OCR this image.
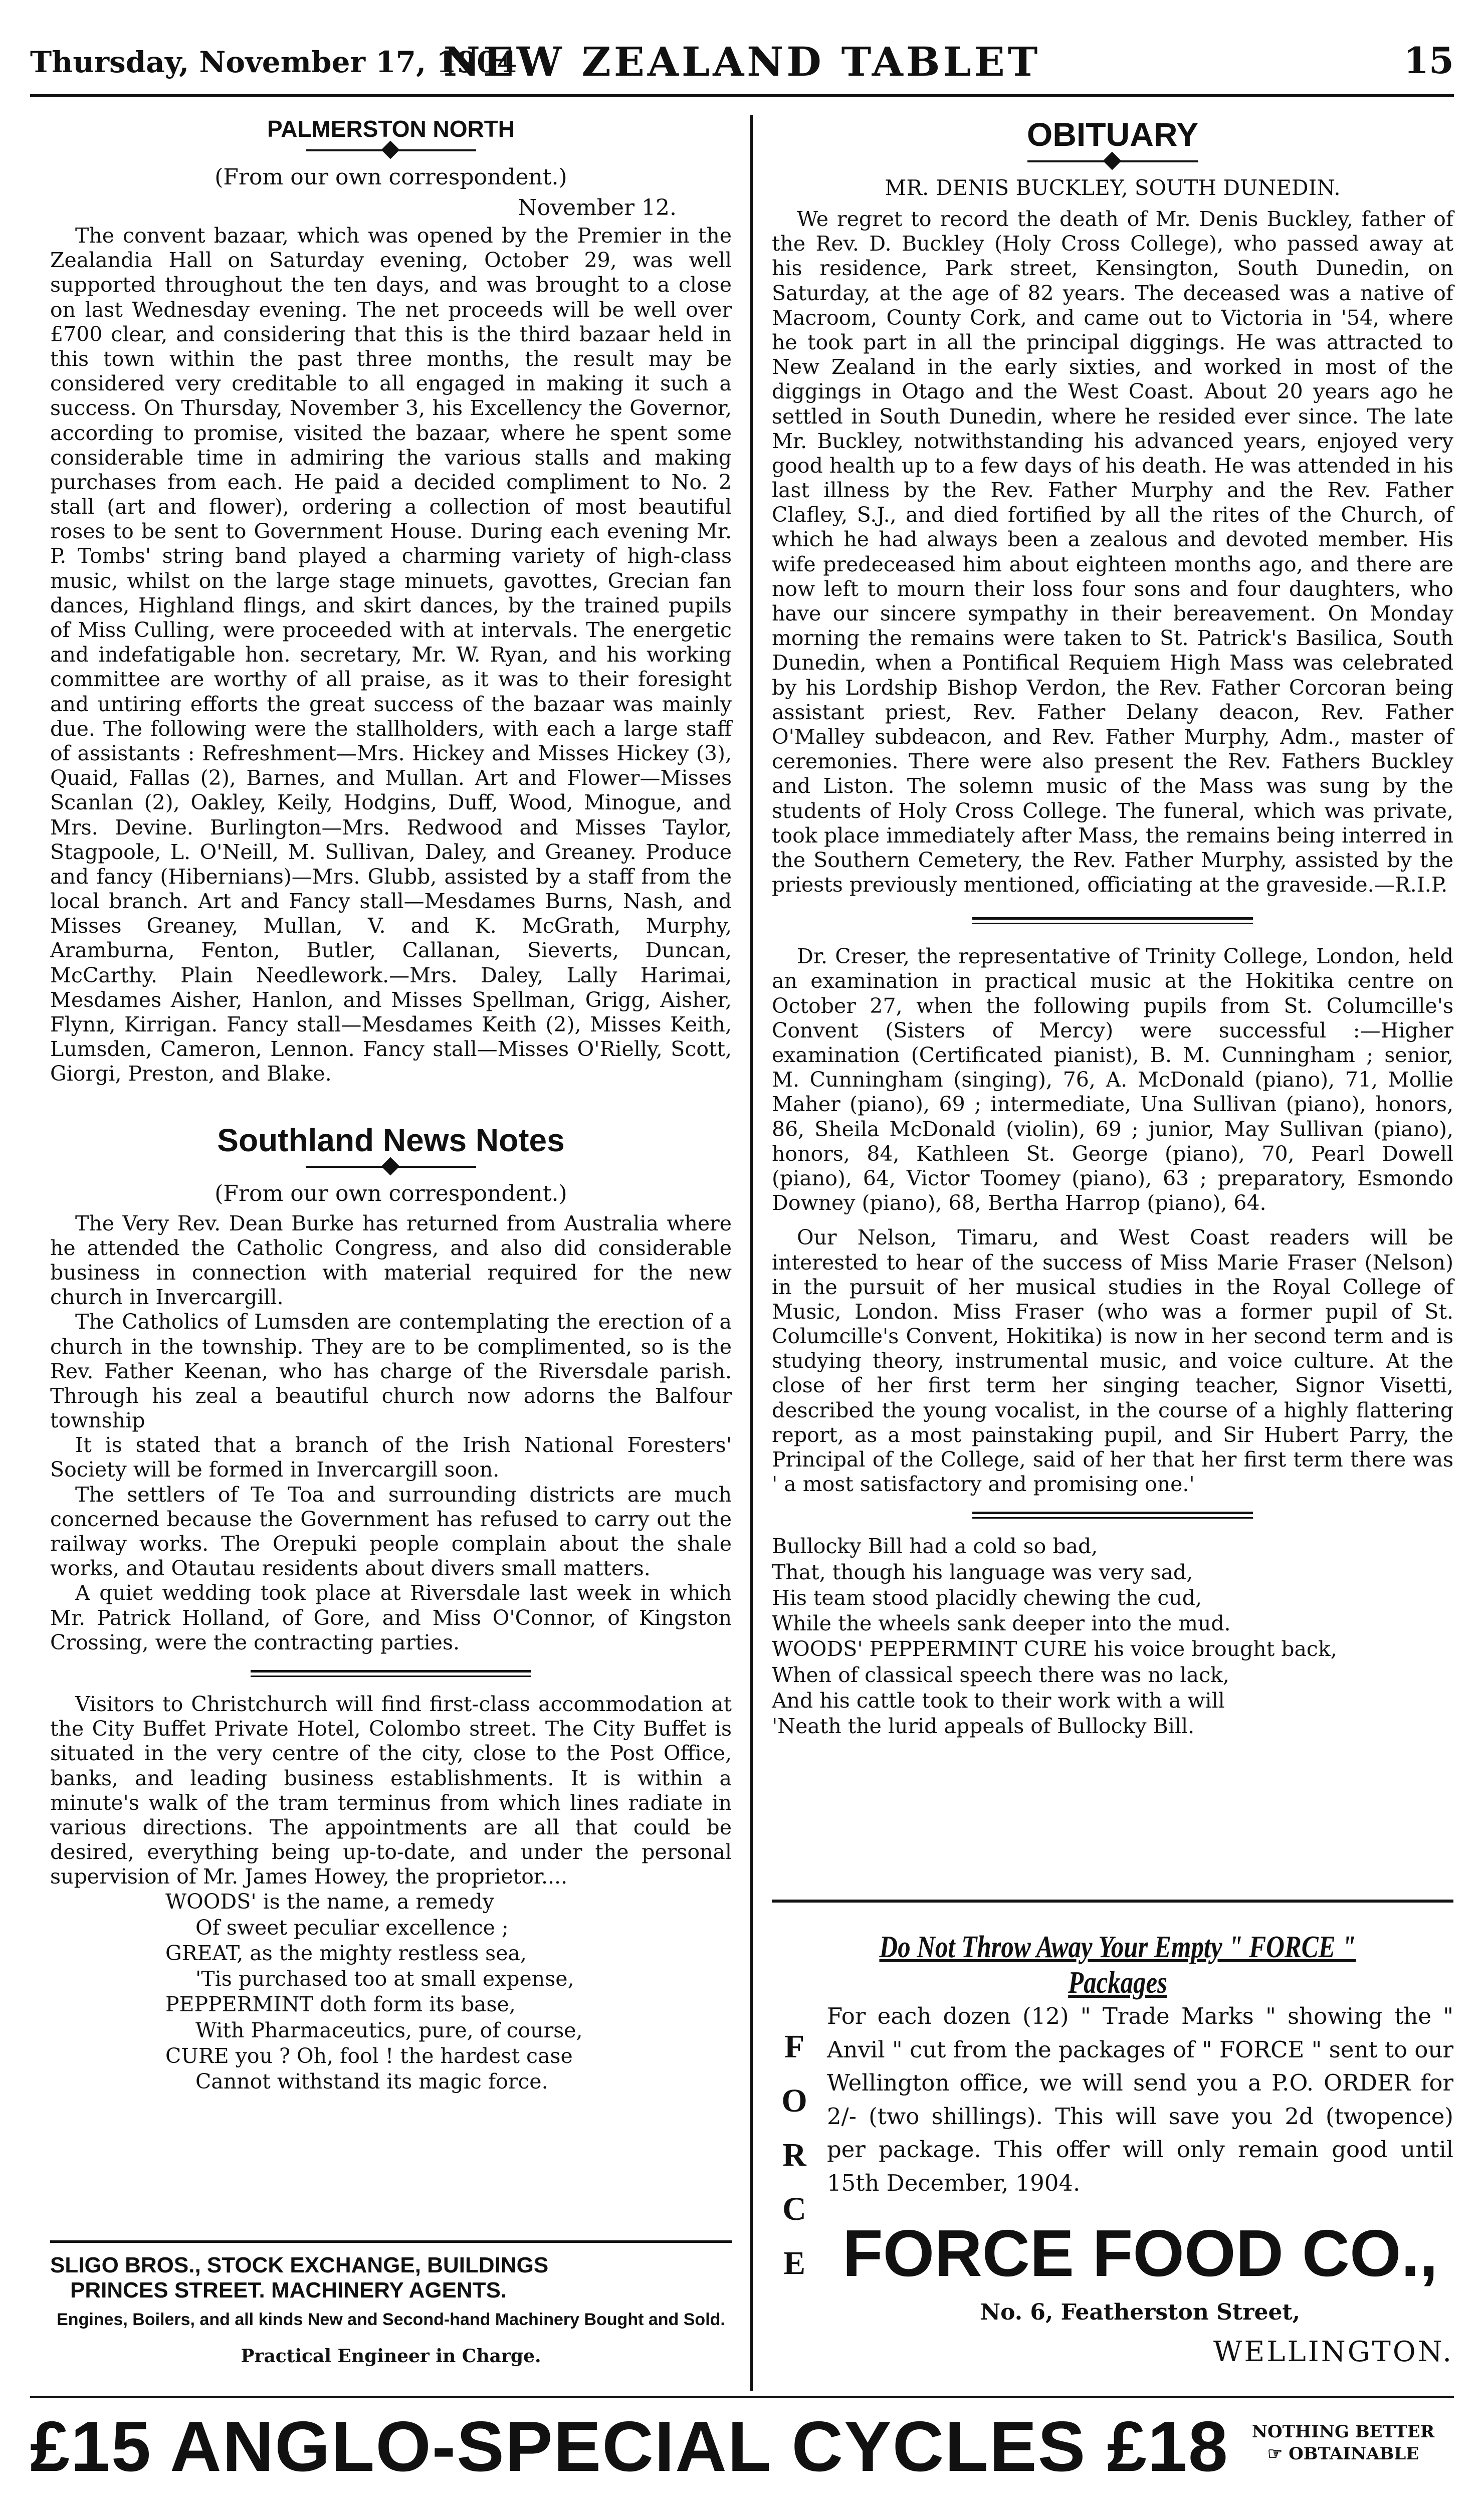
Thursday, November 17, 1904
NEW ZEALAND TABLET	15
PALMERSTON NORTH
(From our own correspondent.)
November 12.

The convent bazaar, which was opened by the Premier in the Zealandia Hall on Saturday evening, October 29, was well supported throughout the ten days, and was brought to a close on last Wednesday evening. The net proceeds will be well over £700 clear, and considering that this is the third bazaar held in this town within the past three months, the result may be considered very creditable to all engaged in making it such a success. On Thursday, November 3, his Excellency the Governor, according to promise, visited the bazaar, where he spent some considerable time in admiring the various stalls and making purchases from each. He paid a decided compliment to No. 2 stall (art and flower), ordering a collection of most beautiful roses to be sent to Government House. During each evening Mr. P. Tombs' string band played a charming variety of high-class music, whilst on the large stage minuets, gavottes, Grecian fan dances, Highland flings, and skirt dances, by the trained pupils of Miss Culling, were proceeded with at intervals. The energetic and indefatigable hon. secretary, Mr. W. Ryan, and his working committee are worthy of all praise, as it was to their foresight and untiring efforts the great success of the bazaar was mainly due. The following were the stallholders, with each a large staff of assistants : Refreshment—Mrs. Hickey and Misses Hickey (3), Quaid, Fallas (2), Barnes, and Mullan. Art and Flower—Misses Scanlan (2), Oakley, Keily, Hodgins, Duff, Wood, Minogue, and Mrs. Devine. Burlington—Mrs. Redwood and Misses Taylor, Stagpoole, L. O'Neill, M. Sullivan, Daley, and Greaney. Produce and fancy (Hibernians)—Mrs. Glubb, assisted by a staff from the local branch. Art and Fancy stall—Mesdames Burns, Nash, and Misses Greaney, Mullan, V. and K. McGrath, Murphy, Aramburna, Fenton, Butler, Callanan, Sieverts, Duncan, McCarthy. Plain Needlework.—Mrs. Daley, Lally Harimai, Mesdames Aisher, Hanlon, and Misses Spellman, Grigg, Aisher, Flynn, Kirrigan. Fancy stall—Mesdames Keith (2), Misses Keith, Lumsden, Cameron, Lennon. Fancy stall—Misses O'Rielly, Scott, Giorgi, Preston, and Blake.

Southland News Notes
(From our own correspondent.)

The Very Rev. Dean Burke has returned from Australia where he attended the Catholic Congress, and also did considerable business in connection with material required for the new church in Invercargill.

The Catholics of Lumsden are contemplating the erection of a church in the township. They are to be complimented, so is the Rev. Father Keenan, who has charge of the Riversdale parish. Through his zeal a beautiful church now adorns the Balfour township

It is stated that a branch of the Irish National Foresters' Society will be formed in Invercargill soon.

The settlers of Te Toa and surrounding districts are much concerned because the Government has refused to carry out the railway works. The Orepuki people complain about the shale works, and Otautau residents about divers small matters.

A quiet wedding took place at Riversdale last week in which Mr. Patrick Holland, of Gore, and Miss O'Connor, of Kingston Crossing, were the contracting parties.

Visitors to Christchurch will find first-class accommodation at the City Buffet Private Hotel, Colombo street. The City Buffet is situated in the very centre of the city, close to the Post Office, banks, and leading business establishments. It is within a minute's walk of the tram terminus from which lines radiate in various directions. The appointments are all that could be desired, everything being up-to-date, and under the personal supervision of Mr. James Howey, the proprietor....

WOODS' is the name, a remedy
Of sweet peculiar excellence ;
GREAT, as the mighty restless sea,
'Tis purchased too at small expense,
PEPPERMINT doth form its base,
With Pharmaceutics, pure, of course,
CURE you ? Oh, fool ! the hardest case
Cannot withstand its magic force.
SLIGO BROS., STOCK EXCHANGE, BUILDINGS
PRINCES STREET. MACHINERY AGENTS.
Engines, Boilers, and all kinds New and Second-hand Machinery Bought and Sold.
Practical Engineer in Charge.
OBITUARY
MR. DENIS BUCKLEY, SOUTH DUNEDIN.

We regret to record the death of Mr. Denis Buckley, father of the Rev. D. Buckley (Holy Cross College), who passed away at his residence, Park street, Kensington, South Dunedin, on Saturday, at the age of 82 years. The deceased was a native of Macroom, County Cork, and came out to Victoria in '54, where he took part in all the principal diggings. He was attracted to New Zealand in the early sixties, and worked in most of the diggings in Otago and the West Coast. About 20 years ago he settled in South Dunedin, where he resided ever since. The late Mr. Buckley, notwithstanding his advanced years, enjoyed very good health up to a few days of his death. He was attended in his last illness by the Rev. Father Murphy and the Rev. Father Clafley, S.J., and died fortified by all the rites of the Church, of which he had always been a zealous and devoted member. His wife predeceased him about eighteen months ago, and there are now left to mourn their loss four sons and four daughters, who have our sincere sympathy in their bereavement. On Monday morning the remains were taken to St. Patrick's Basilica, South Dunedin, when a Pontifical Requiem High Mass was celebrated by his Lordship Bishop Verdon, the Rev. Father Corcoran being assistant priest, Rev. Father Delany deacon, Rev. Father O'Malley subdeacon, and Rev. Father Murphy, Adm., master of ceremonies. There were also present the Rev. Fathers Buckley and Liston. The solemn music of the Mass was sung by the students of Holy Cross College. The funeral, which was private, took place immediately after Mass, the remains being interred in the Southern Cemetery, the Rev. Father Murphy, assisted by the priests previously mentioned, officiating at the graveside.—R.I.P.

Dr. Creser, the representative of Trinity College, London, held an examination in practical music at the Hokitika centre on October 27, when the following pupils from St. Columcille's Convent (Sisters of Mercy) were successful :—Higher examination (Certificated pianist), B. M. Cunningham ; senior, M. Cunningham (singing), 76, A. McDonald (piano), 71, Mollie Maher (piano), 69 ; intermediate, Una Sullivan (piano), honors, 86, Sheila McDonald (violin), 69 ; junior, May Sullivan (piano), honors, 84, Kathleen St. George (piano), 70, Pearl Dowell (piano), 64, Victor Toomey (piano), 63 ; preparatory, Esmondo Downey (piano), 68, Bertha Harrop (piano), 64.

Our Nelson, Timaru, and West Coast readers will be interested to hear of the success of Miss Marie Fraser (Nelson) in the pursuit of her musical studies in the Royal College of Music, London. Miss Fraser (who was a former pupil of St. Columcille's Convent, Hokitika) is now in her second term and is studying theory, instrumental music, and voice culture. At the close of her first term her singing teacher, Signor Visetti, described the young vocalist, in the course of a highly flattering report, as a most painstaking pupil, and Sir Hubert Parry, the Principal of the College, said of her that her first term there was ' a most satisfactory and promising one.'

Bullocky Bill had a cold so bad,
That, though his language was very sad,
His team stood placidly chewing the cud,
While the wheels sank deeper into the mud.
WOODS' PEPPERMINT CURE his voice brought back,
When of classical speech there was no lack,
And his cattle took to their work with a will
'Neath the lurid appeals of Bullocky Bill.
Do Not Throw Away Your Empty " FORCE " Packages
F
O
R
C
E
For each dozen (12) " Trade Marks " showing the " Anvil " cut from the packages of " FORCE " sent to our Wellington office, we will send you a P.O. ORDER for 2/- (two shillings). This will save you 2d (twopence) per package. This offer will only remain good until 15th December, 1904.
FORCE FOOD CO.,
No. 6, Featherston Street,
WELLINGTON.
£15 ANGLO-SPECIAL CYCLES £18	NOTHING BETTER
☞ OBTAINABLE
